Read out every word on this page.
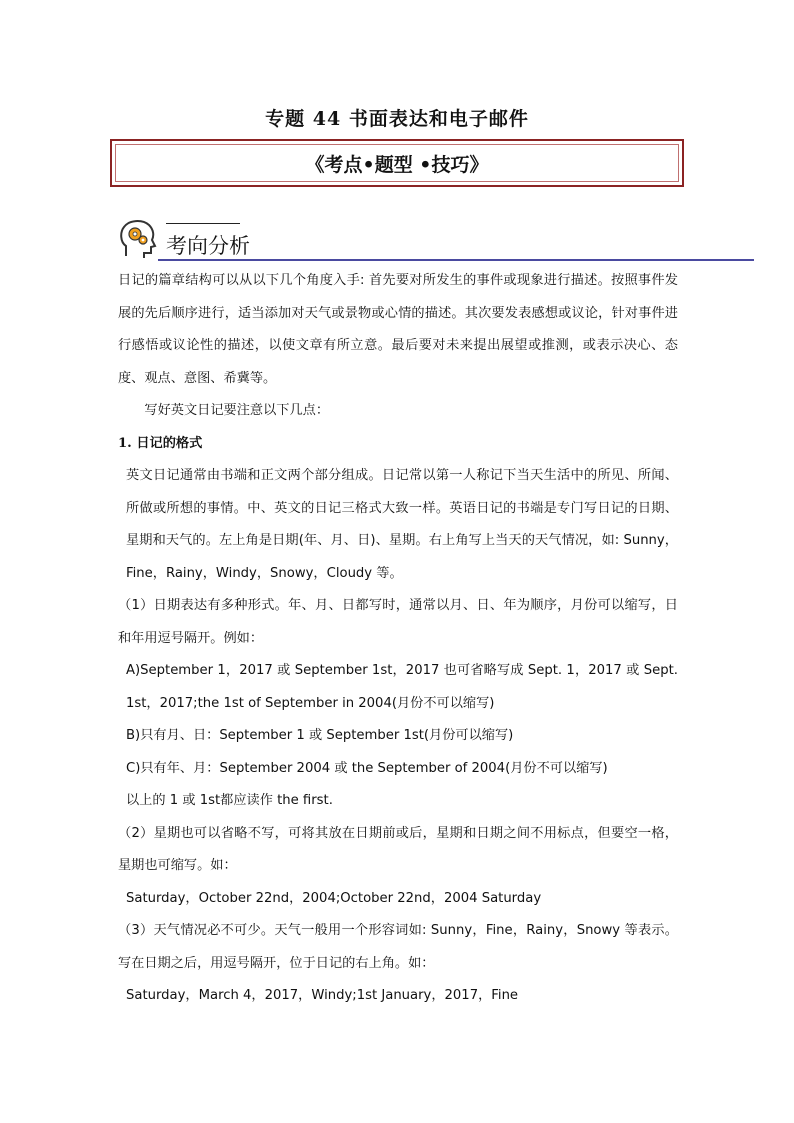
专题 44 书面表达和电子邮件
《考点•题型 •技巧》
考向分析

日记的篇章结构可以从以下几个角度入手: 首先要对所发生的事件或现象进行描述。按照事件发展的先后顺序进行，适当添加对天气或景物或心情的描述。其次要发表感想或议论，针对事件进行感悟或议论性的描述，以使文章有所立意。最后要对未来提出展望或推测，或表示决心、态度、观点、意图、希冀等。

写好英文日记要注意以下几点：

1. 日记的格式

英文日记通常由书端和正文两个部分组成。日记常以第一人称记下当天生活中的所见、所闻、所做或所想的事情。中、英文的日记三格式大致一样。英语日记的书端是专门写日记的日期、星期和天气的。左上角是日期(年、月、日)、星期。右上角写上当天的天气情况，如: Sunny，Fine，Rainy，Windy，Snowy，Cloudy 等。

（1）日期表达有多种形式。年、月、日都写时，通常以月、日、年为顺序，月份可以缩写，日和年用逗号隔开。例如：

A)September 1，2017 或 September 1st，2017 也可省略写成 Sept. 1，2017 或 Sept. 1st，2017;the 1st of September in 2004(月份不可以缩写)

B)只有月、日：September 1 或 September 1st(月份可以缩写)

C)只有年、月：September 2004 或 the September of 2004(月份不可以缩写)

以上的 1 或 1st都应读作 the first.

（2）星期也可以省略不写，可将其放在日期前或后，星期和日期之间不用标点，但要空一格，星期也可缩写。如：

Saturday，October 22nd，2004;October 22nd，2004 Saturday

（3）天气情况必不可少。天气一般用一个形容词如: Sunny，Fine，Rainy，Snowy 等表示。写在日期之后，用逗号隔开，位于日记的右上角。如：

Saturday，March 4，2017，Windy;1st January，2017，Fine
